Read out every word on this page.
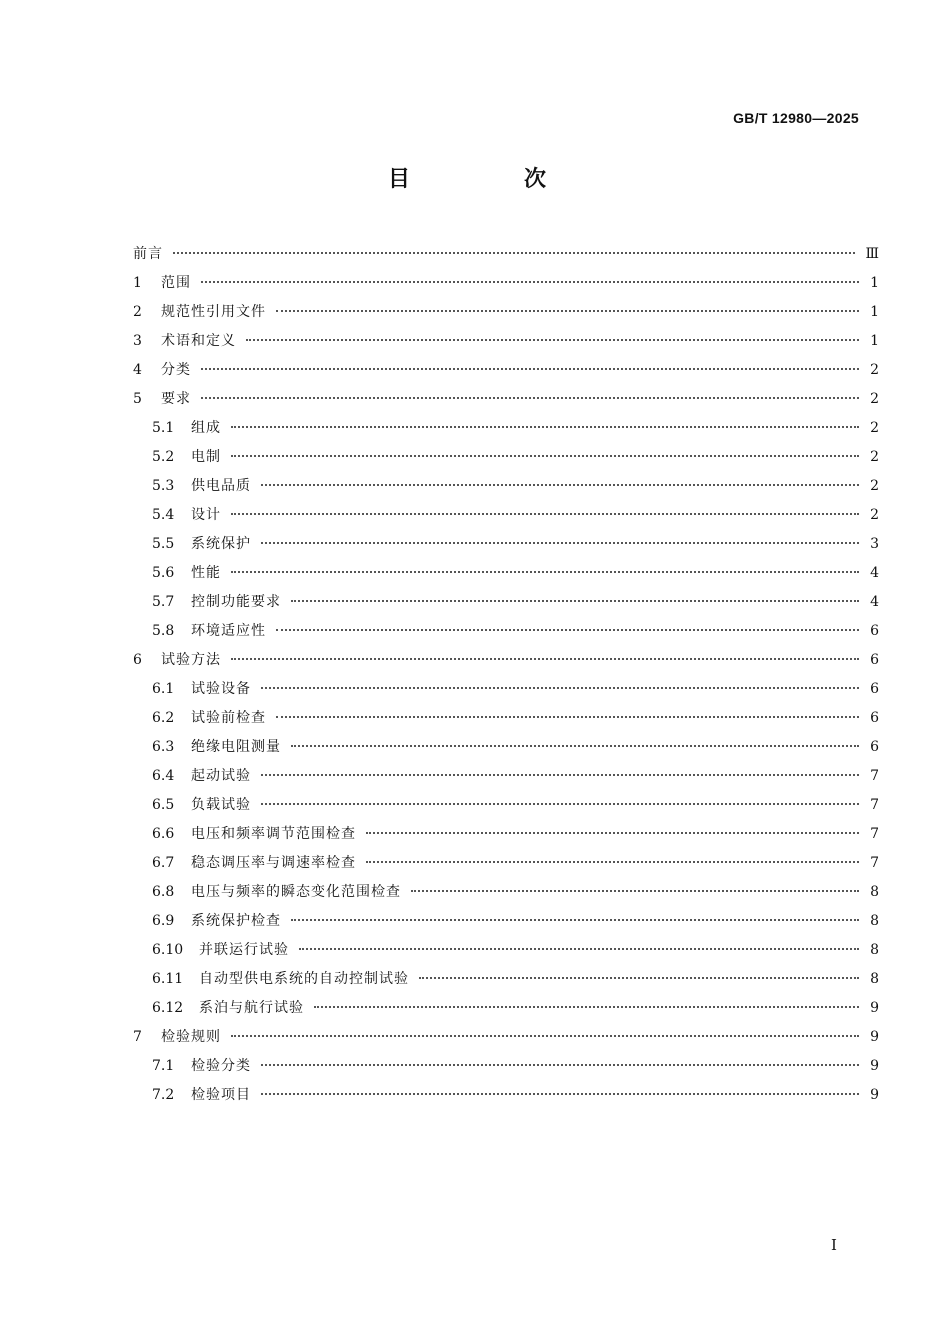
GB/T 12980—2025
目　次
前言	Ⅲ
1	范围	1
2	规范性引用文件	1
3	术语和定义	1
4	分类	2
5	要求	2
5.1	组成	2
5.2	电制	2
5.3	供电品质	2
5.4	设计	2
5.5	系统保护	3
5.6	性能	4
5.7	控制功能要求	4
5.8	环境适应性	6
6	试验方法	6
6.1	试验设备	6
6.2	试验前检查	6
6.3	绝缘电阻测量	6
6.4	起动试验	7
6.5	负载试验	7
6.6	电压和频率调节范围检查	7
6.7	稳态调压率与调速率检查	7
6.8	电压与频率的瞬态变化范围检查	8
6.9	系统保护检查	8
6.10	并联运行试验	8
6.11	自动型供电系统的自动控制试验	8
6.12	系泊与航行试验	9
7	检验规则	9
7.1	检验分类	9
7.2	检验项目	9
Ⅰ
